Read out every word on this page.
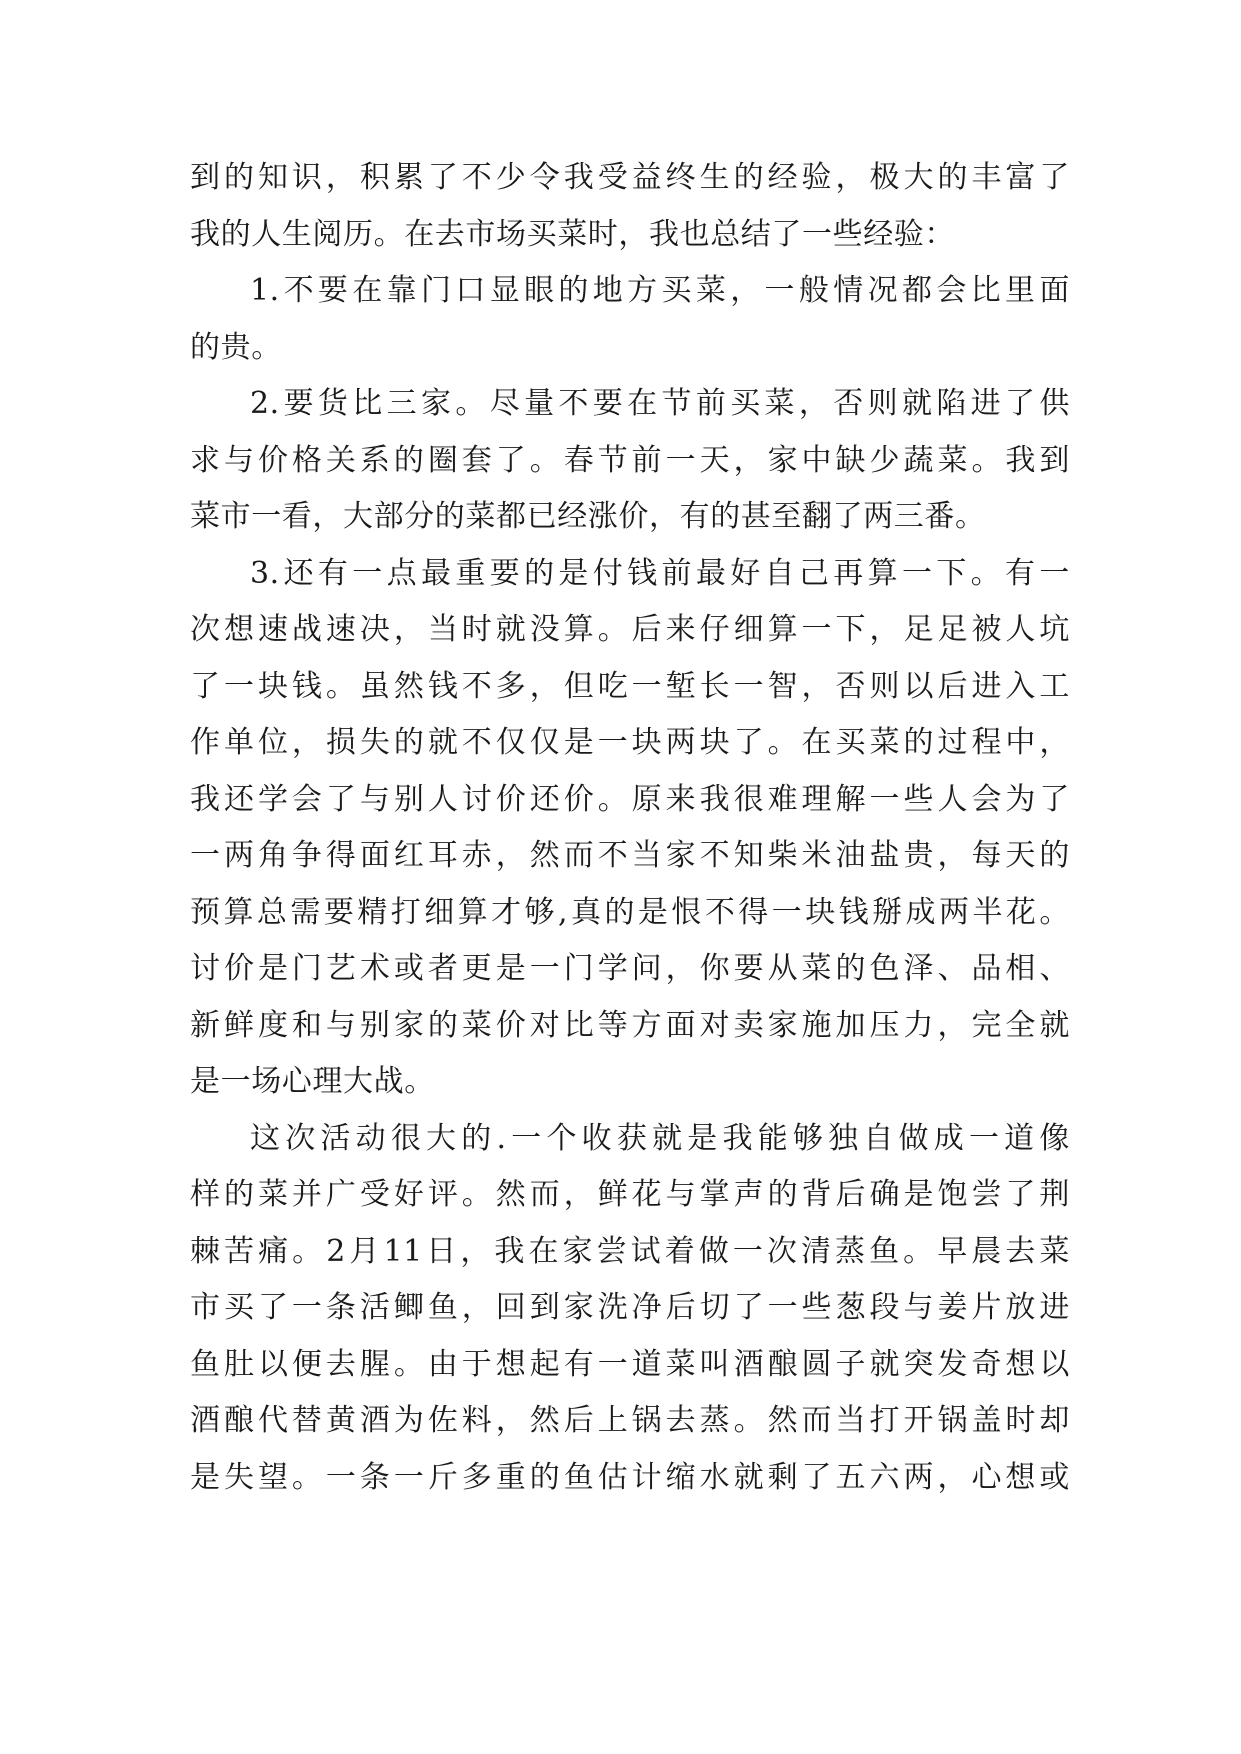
到的知识，积累了不少令我受益终生的经验，极大的丰富了
我的人生阅历。在去市场买菜时，我也总结了一些经验：
1.不要在靠门口显眼的地方买菜，一般情况都会比里面
的贵。
2.要货比三家。尽量不要在节前买菜，否则就陷进了供
求与价格关系的圈套了。春节前一天，家中缺少蔬菜。我到
菜市一看，大部分的菜都已经涨价，有的甚至翻了两三番。
3.还有一点最重要的是付钱前最好自己再算一下。有一
次想速战速决，当时就没算。后来仔细算一下，足足被人坑
了一块钱。虽然钱不多，但吃一堑长一智，否则以后进入工
作单位，损失的就不仅仅是一块两块了。在买菜的过程中，
我还学会了与别人讨价还价。原来我很难理解一些人会为了
一两角争得面红耳赤，然而不当家不知柴米油盐贵，每天的
预算总需要精打细算才够,真的是恨不得一块钱掰成两半花。
讨价是门艺术或者更是一门学问，你要从菜的色泽、品相、
新鲜度和与别家的菜价对比等方面对卖家施加压力，完全就
是一场心理大战。
这次活动很大的.一个收获就是我能够独自做成一道像
样的菜并广受好评。然而，鲜花与掌声的背后确是饱尝了荆
棘苦痛。2月11日，我在家尝试着做一次清蒸鱼。早晨去菜
市买了一条活鲫鱼，回到家洗净后切了一些葱段与姜片放进
鱼肚以便去腥。由于想起有一道菜叫酒酿圆子就突发奇想以
酒酿代替黄酒为佐料，然后上锅去蒸。然而当打开锅盖时却
是失望。一条一斤多重的鱼估计缩水就剩了五六两，心想或
